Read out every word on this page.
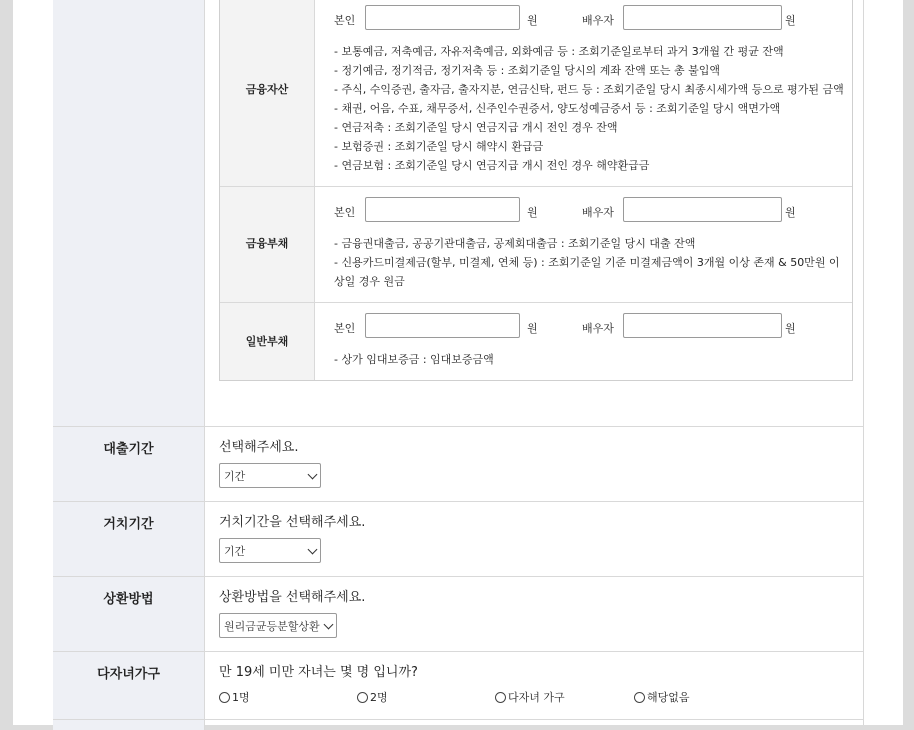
금융자산
본인	원	배우자	원
- 보통예금, 저축예금, 자유저축예금, 외화예금 등 : 조회기준일로부터 과거 3개월 간 평균 잔액
- 정기예금, 정기적금, 정기저축 등 : 조회기준일 당시의 계좌 잔액 또는 총 불입액
- 주식, 수익증권, 출자금, 출자지분, 연금신탁, 펀드 등 : 조회기준일 당시 최종시세가액 등으로 평가된 금액
- 채권, 어음, 수표, 채무증서, 신주인수권증서, 양도성예금증서 등 : 조회기준일 당시 액면가액
- 연금저축 : 조회기준일 당시 연금지급 개시 전인 경우 잔액
- 보험증권 : 조회기준일 당시 해약시 환급금
- 연금보험 : 조회기준일 당시 연금지급 개시 전인 경우 해약환급금
금융부채
본인	원	배우자	원
- 금융권대출금, 공공기관대출금, 공제회대출금 : 조회기준일 당시 대출 잔액
- 신용카드미결제금(할부, 미결제, 연체 등) : 조회기준일 기준 미결제금액이 3개월 이상 존재 & 50만원 이상일 경우 원금
일반부채
본인	원	배우자	원
- 상가 임대보증금 : 임대보증금액
대출기간	선택해주세요.
기간
거치기간	거치기간을 선택해주세요.
기간
상환방법	상환방법을 선택해주세요.
원리금균등분할상환
다자녀가구	만 19세 미만 자녀는 몇 명 입니까?
1명	2명	다자녀 가구	해당없음
